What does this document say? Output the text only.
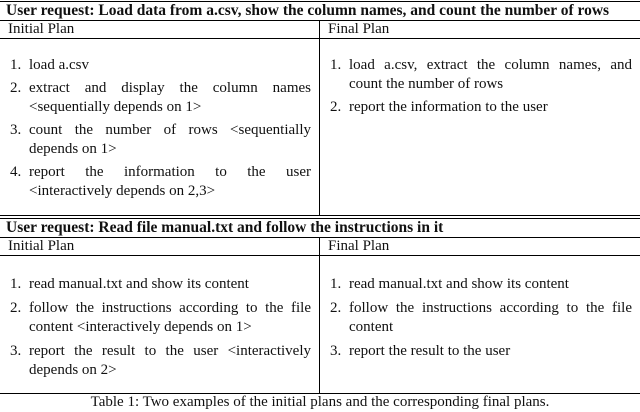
User request: Load data from a.csv, show the column names, and count the number of rows
Initial Plan
1. load a.csv
2. extract and display the column names <sequentially depends on 1>
3. count the number of rows <sequentially depends on 1>
4. report the information to the user <interactively depends on 2,3>
Final Plan
1. load a.csv, extract the column names, and count the number of rows
2. report the information to the user
User request: Read file manual.txt and follow the instructions in it
Initial Plan
1. read manual.txt and show its content
2. follow the instructions according to the file content <interactively depends on 1>
3. report the result to the user <interactively depends on 2>
Final Plan
1. read manual.txt and show its content
2. follow the instructions according to the file content
3. report the result to the user
Table 1: Two examples of the initial plans and the corresponding final plans.
